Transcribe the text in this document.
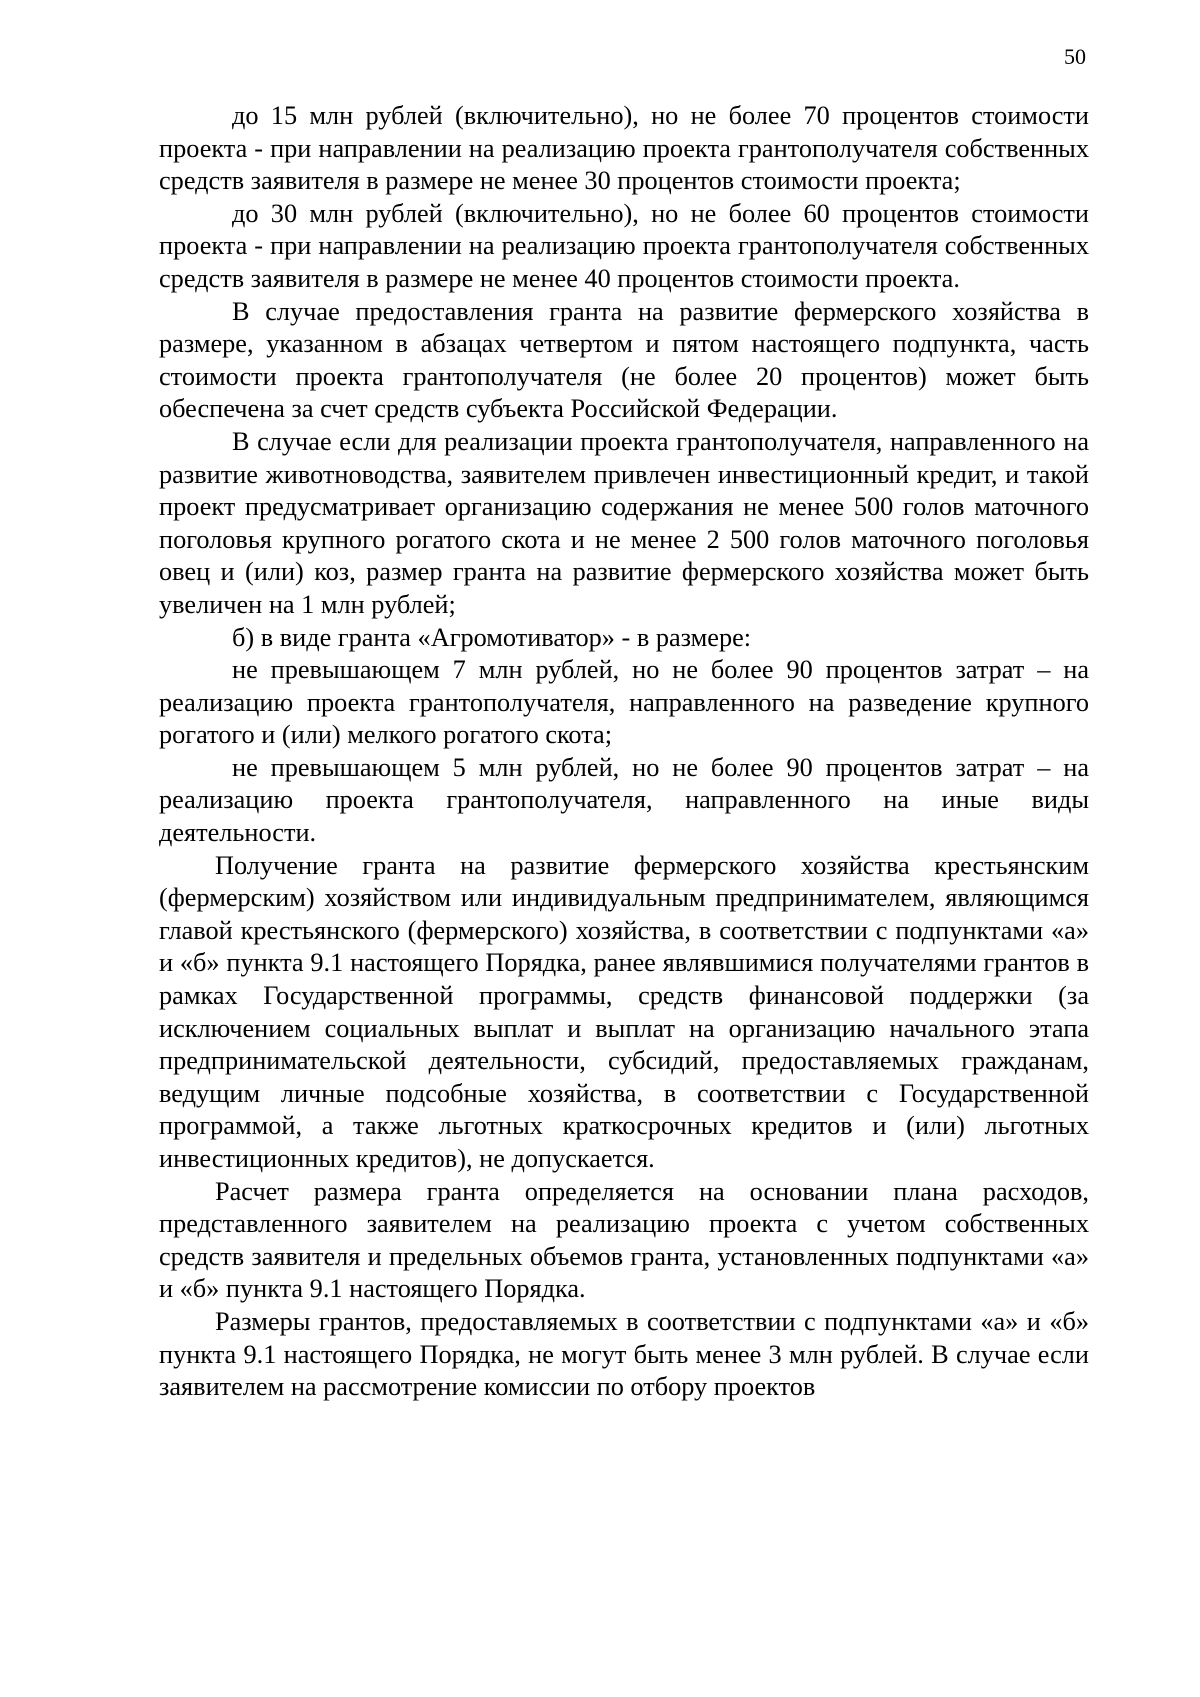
50

до 15 млн рублей (включительно), но не более 70 процентов стоимости проекта - при направлении на реализацию проекта грантополучателя собственных средств заявителя в размере не менее 30 процентов стоимости проекта;

до 30 млн рублей (включительно), но не более 60 процентов стоимости проекта - при направлении на реализацию проекта грантополучателя собственных средств заявителя в размере не менее 40 процентов стоимости проекта.

В случае предоставления гранта на развитие фермерского хозяйства в размере, указанном в абзацах четвертом и пятом настоящего подпункта, часть стоимости проекта грантополучателя (не более 20 процентов) может быть обеспечена за счет средств субъекта Российской Федерации.

В случае если для реализации проекта грантополучателя, направленного на развитие животноводства, заявителем привлечен инвестиционный кредит, и такой проект предусматривает организацию содержания не менее 500 голов маточного поголовья крупного рогатого скота и не менее 2 500 голов маточного поголовья овец и (или) коз, размер гранта на развитие фермерского хозяйства может быть увеличен на 1 млн рублей;

б) в виде гранта «Агромотиватор» - в размере:

не превышающем 7 млн рублей, но не более 90 процентов затрат – на реализацию проекта грантополучателя, направленного на разведение крупного рогатого и (или) мелкого рогатого скота;

не превышающем 5 млн рублей, но не более 90 процентов затрат – на реализацию проекта грантополучателя, направленного на иные виды деятельности.

Получение гранта на развитие фермерского хозяйства крестьянским (фермерским) хозяйством или индивидуальным предпринимателем, являющимся главой крестьянского (фермерского) хозяйства, в соответствии с подпунктами «а» и «б» пункта 9.1 настоящего Порядка, ранее являвшимися получателями грантов в рамках Государственной программы, средств финансовой поддержки (за исключением социальных выплат и выплат на организацию начального этапа предпринимательской деятельности, субсидий, предоставляемых гражданам, ведущим личные подсобные хозяйства, в соответствии с Государственной программой, а также льготных краткосрочных кредитов и (или) льготных инвестиционных кредитов), не допускается.

Расчет размера гранта определяется на основании плана расходов, представленного заявителем на реализацию проекта с учетом собственных средств заявителя и предельных объемов гранта, установленных подпунктами «а» и «б» пункта 9.1 настоящего Порядка.

Размеры грантов, предоставляемых в соответствии с подпунктами «а» и «б» пункта 9.1 настоящего Порядка, не могут быть менее 3 млн рублей. В случае если заявителем на рассмотрение комиссии по отбору проектов
